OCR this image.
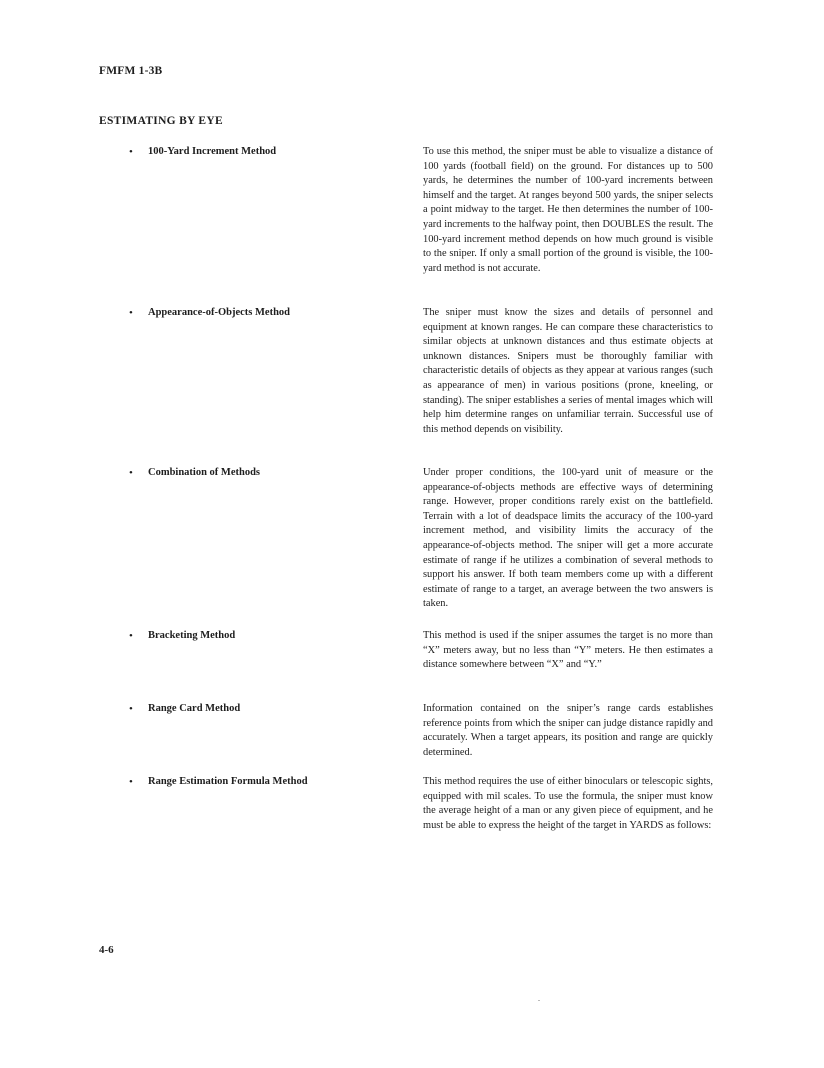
FMFM 1-3B
ESTIMATING BY EYE
• 100-Yard Increment Method	To use this method, the sniper must be able to visualize a distance of 100 yards (football field) on the ground. For distances up to 500 yards, he determines the number of 100-yard increments between himself and the target. At ranges beyond 500 yards, the sniper selects a point midway to the target. He then determines the number of 100-yard increments to the halfway point, then DOUBLES the result. The 100-yard increment method depends on how much ground is visible to the sniper. If only a small portion of the ground is visible, the 100-yard method is not accurate.
• Appearance-of-Objects Method	The sniper must know the sizes and details of personnel and equipment at known ranges. He can compare these characteristics to similar objects at unknown distances and thus estimate objects at unknown distances. Snipers must be thoroughly familiar with characteristic details of objects as they appear at various ranges (such as appearance of men) in various positions (prone, kneeling, or standing). The sniper establishes a series of mental images which will help him determine ranges on unfamiliar terrain. Successful use of this method depends on visibility.
• Combination of Methods	Under proper conditions, the 100-yard unit of measure or the appearance-of-objects methods are effective ways of determining range. However, proper conditions rarely exist on the battlefield. Terrain with a lot of deadspace limits the accuracy of the 100-yard increment method, and visibility limits the accuracy of the appearance-of-objects method. The sniper will get a more accurate estimate of range if he utilizes a combination of several methods to support his answer. If both team members come up with a different estimate of range to a target, an average between the two answers is taken.
• Bracketing Method	This method is used if the sniper assumes the target is no more than “X” meters away, but no less than “Y” meters. He then estimates a distance somewhere between “X” and “Y.”
• Range Card Method	Information contained on the sniper’s range cards establishes reference points from which the sniper can judge distance rapidly and accurately. When a target appears, its position and range are quickly determined.
• Range Estimation Formula Method	This method requires the use of either binoculars or telescopic sights, equipped with mil scales. To use the formula, the sniper must know the average height of a man or any given piece of equipment, and he must be able to express the height of the target in YARDS as follows:
4-6
